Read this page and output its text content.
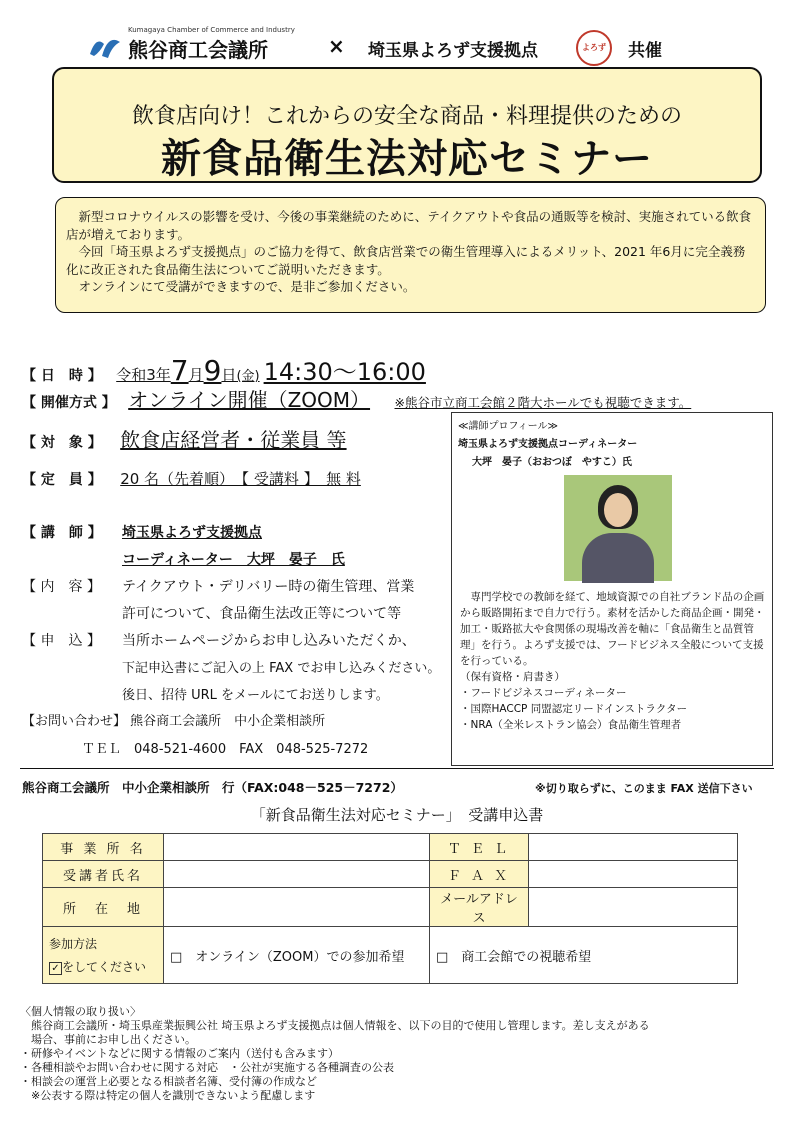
Kumagaya Chamber of Commerce and Industry
熊谷商工会議所	× 埼玉県よろず支援拠点	よろず	共催
飲食店向け！これからの安全な商品・料理提供のための
新食品衛生法対応セミナー

　新型コロナウイルスの影響を受け、今後の事業継続のために、テイクアウトや食品の通販等を検討、実施されている飲食店が増えております。

　今回「埼玉県よろず支援拠点」のご協力を得て、飲食店営業での衛生管理導入によるメリット、2021 年6月に完全義務化に改正された食品衛生法についてご説明いただきます。

　オンラインにて受講ができますので、是非ご参加ください。

【 日　時 】 令和3年7月9日(金) 14:30～16:00
【 開催方式 】 オンライン開催（ZOOM） ※熊谷市立商工会館２階大ホールでも視聴できます。
【 対　象 】 飲食店経営者・従業員 等
【 定　員 】 20 名（先着順）　【 受講料 】　無 料
【 講　師 】 埼玉県よろず支援拠点
コーディネーター　大坪　晏子　氏
【 内　容 】 テイクアウト・デリバリー時の衛生管理、営業
許可について、食品衛生法改正等について等
【 申　込 】 当所ホームページからお申し込みいただくか、
下記申込書にご記入の上 FAX でお申し込みください。
後日、招待 URL をメールにてお送りします。
【お問い合わせ】 熊谷商工会議所　中小企業相談所
ＴＥＬ　048-521-4600　FAX　048-525-7272
≪講師プロフィール≫
埼玉県よろず支援拠点コーディネーター
大坪　晏子（おおつぼ　やすこ）氏

　専門学校での教師を経て、地域資源での自社ブランド品の企画から販路開拓まで自力で行う。素材を活かした商品企画・開発・加工・販路拡大や食関係の現場改善を軸に「食品衛生と品質管理」を行う。よろず支援では、フードビジネス全般について支援を行っている。

（保有資格・肩書き）

・フードビジネスコーディネーター

・国際HACCP 同盟認定リードインストラクター

・NRA（全米レストラン協会）食品衛生管理者

熊谷商工会議所　中小企業相談所　行（FAX:048－525－7272）	※切り取らずに、このまま FAX 送信下さい
「新食品衛生法対応セミナー」　受講申込書
事 業 所 名		Ｔ Ｅ Ｌ	
受講者氏名		Ｆ Ａ Ｘ	
所　在　地		メールアドレス	

参加方法
✓ をしてください	□　オンライン（ZOOM）での参加希望	□　商工会館での視聴希望	

〈個人情報の取り扱い〉

　熊谷商工会議所・埼玉県産業振興公社 埼玉県よろず支援拠点は個人情報を、以下の目的で使用し管理します。差し支えがある

　場合、事前にお申し出ください。

・研修やイベントなどに関する情報のご案内（送付も含みます）

・各種相談やお問い合わせに関する対応　・公社が実施する各種調査の公表

・相談会の運営上必要となる相談者名簿、受付簿の作成など

　※公表する際は特定の個人を識別できないよう配慮します
